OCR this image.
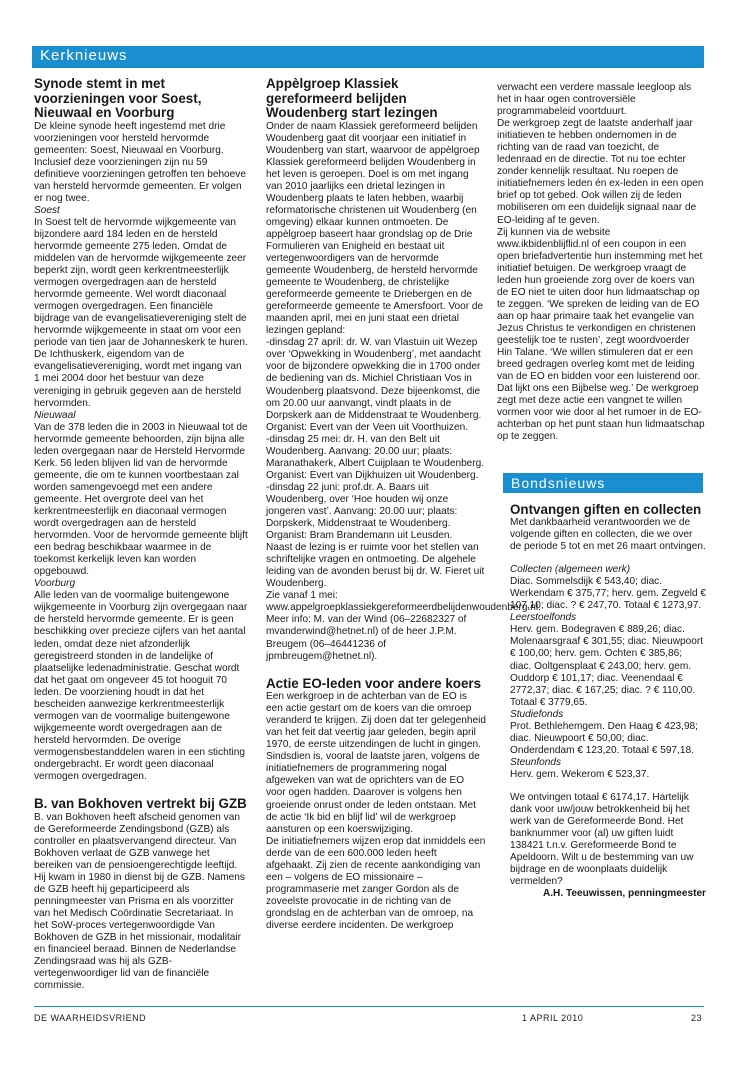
Kerknieuws
Synode stemt in met voorzieningen voor Soest, Nieuwaal en Voorburg

De kleine synode heeft ingestemd met drie voorzieningen voor hersteld hervormde gemeenten: Soest, Nieuwaal en Voorburg. Inclusief deze voorzieningen zijn nu 59 definitieve voorzieningen getroffen ten behoeve van hersteld hervormde gemeenten. Er volgen er nog twee.

Soest

In Soest telt de hervormde wijkgemeente van bijzondere aard 184 leden en de hersteld hervormde gemeente 275 leden. Omdat de middelen van de hervormde wijkgemeente zeer beperkt zijn, wordt geen kerkrentmeesterlijk vermogen overgedragen aan de hersteld hervormde gemeente. Wel wordt diaconaal vermogen overgedragen. Een financiële bijdrage van de evangelisatievereniging stelt de hervormde wijkgemeente in staat om voor een periode van tien jaar de Johanneskerk te huren. De Ichthuskerk, eigendom van de evangelisatievereniging, wordt met ingang van 1 mei 2004 door het bestuur van deze vereniging in gebruik gegeven aan de hersteld hervormden.

Nieuwaal

Van de 378 leden die in 2003 in Nieuwaal tot de hervormde gemeente behoorden, zijn bijna alle leden overgegaan naar de Hersteld Hervormde Kerk. 56 leden blijven lid van de hervormde gemeente, die om te kunnen voortbestaan zal worden samengevoegd met een andere gemeente. Het overgrote deel van het kerkrentmeesterlijk en diaconaal vermogen wordt overgedragen aan de hersteld hervormden. Voor de hervormde gemeente blijft een bedrag beschikbaar waarmee in de toekomst kerkelijk leven kan worden opgebouwd.

Voorburg

Alle leden van de voormalige buitengewone wijkgemeente in Voorburg zijn overgegaan naar de hersteld hervormde gemeente. Er is geen beschikking over precieze cijfers van het aantal leden, omdat deze niet afzonderlijk geregistreerd stonden in de landelijke of plaatselijke ledenadministratie. Geschat wordt dat het gaat om ongeveer 45 tot hooguit 70 leden. De voorziening houdt in dat het bescheiden aanwezige kerkrentmeesterlijk vermogen van de voormalige buitengewone wijkgemeente wordt overgedragen aan de hersteld hervormden. De overige vermogensbestanddelen waren in een stichting ondergebracht. Er wordt geen diaconaal vermogen overgedragen.

B. van Bokhoven vertrekt bij GZB

B. van Bokhoven heeft afscheid genomen van de Gereformeerde Zendingsbond (GZB) als controller en plaatsvervangend directeur. Van Bokhoven verlaat de GZB vanwege het bereiken van de pensioengerechtigde leeftijd. Hij kwam in 1980 in dienst bij de GZB. Namens de GZB heeft hij geparticipeerd als penningmeester van Prisma en als voorzitter van het Medisch Coördinatie Secretariaat. In het SoW-proces vertegenwoordigde Van Bokhoven de GZB in het missionair, modalitair en financieel beraad. Binnen de Nederlandse Zendingsraad was hij als GZB-vertegenwoordiger lid van de financiële commissie.

Appèlgroep Klassiek gereformeerd belijden Woudenberg start lezingen

Onder de naam Klassiek gereformeerd belijden Woudenberg gaat dit voorjaar een initiatief in Woudenberg van start, waarvoor de appèlgroep Klassiek gereformeerd belijden Woudenberg in het leven is geroepen. Doel is om met ingang van 2010 jaarlijks een drietal lezingen in Woudenberg plaats te laten hebben, waarbij reformatorische christenen uit Woudenberg (en omgeving) elkaar kunnen ontmoeten. De appèlgroep baseert haar grondslag op de Drie Formulieren van Enigheid en bestaat uit vertegenwoordigers van de hervormde gemeente Woudenberg, de hersteld hervormde gemeente te Woudenberg, de christelijke gereformeerde gemeente te Driebergen en de gereformeerde gemeente te Amersfoort. Voor de maanden april, mei en juni staat een drietal lezingen gepland:

-dinsdag 27 april: dr. W. van Vlastuin uit Wezep over ‘Opwekking in Woudenberg’, met aandacht voor de bijzondere opwekking die in 1700 onder de bediening van ds. Michiel Christiaan Vos in Woudenberg plaatsvond. Deze bijeenkomst, die om 20.00 uur aanvangt, vindt plaats in de Dorpskerk aan de Middenstraat te Woudenberg. Organist: Evert van der Veen uit Voorthuizen.

-dinsdag 25 mei: dr. H. van den Belt uit Woudenberg. Aanvang: 20.00 uur; plaats: Maranathakerk, Albert Cuijplaan te Woudenberg. Organist: Evert van Dijkhuizen uit Woudenberg.

-dinsdag 22 juni: prof.dr. A. Baars uit Woudenberg, over ‘Hoe houden wij onze jongeren vast’. Aanvang: 20.00 uur; plaats: Dorpskerk, Middenstraat te Woudenberg. Organist: Bram Brandemann uit Leusden.

Naast de lezing is er ruimte voor het stellen van schriftelijke vragen en ontmoeting. De algehele leiding van de avonden berust bij dr. W. Fieret uit Woudenberg.

Zie vanaf 1 mei: www.appelgroepklassiekgereformeerdbelijdenwoudenberg.nl. Meer info: M. van der Wind (06–22682327 of mvanderwind@hetnet.nl) of de heer J.P.M. Breugem (06–46441236 of jpmbreugem@hetnet.nl).

Actie EO-leden voor andere koers

Een werkgroep in de achterban van de EO is een actie gestart om de koers van die omroep veranderd te krijgen. Zij doen dat ter gelegenheid van het feit dat veertig jaar geleden, begin april 1970, de eerste uitzendingen de lucht in gingen. Sindsdien is, vooral de laatste jaren, volgens de initiatiefnemers de programmering nogal afgeweken van wat de oprichters van de EO voor ogen hadden. Daarover is volgens hen groeiende onrust onder de leden ontstaan. Met de actie ‘Ik bid en blijf lid’ wil de werkgroep aansturen op een koerswijziging.

De initiatiefnemers wijzen erop dat inmiddels een derde van de een 600.000 leden heeft afgehaakt. Zij zien de recente aankondiging van een – volgens de EO missionaire – programmaserie met zanger Gordon als de zoveelste provocatie in de richting van de grondslag en de achterban van de omroep, na diverse eerdere incidenten. De werkgroep

verwacht een verdere massale leegloop als het in haar ogen controversiële programmabeleid voortduurt.

De werkgroep zegt de laatste anderhalf jaar initiatieven te hebben ondernomen in de richting van de raad van toezicht, de ledenraad en de directie. Tot nu toe echter zonder kennelijk resultaat. Nu roepen de initiatiefnemers leden én ex-leden in een open brief op tot gebed. Ook willen zij de leden mobiliseren om een duidelijk signaal naar de EO-leiding af te geven.

Zij kunnen via de website www.ikbidenblijflid.nl of een coupon in een open briefadvertentie hun instemming met het initiatief betuigen. De werkgroep vraagt de leden hun groeiende zorg over de koers van de EO niet te uiten door hun lidmaatschap op te zeggen. ‘We spreken de leiding van de EO aan op haar primaire taak het evangelie van Jezus Christus te verkondigen en christenen geestelijk toe te rusten’, zegt woordvoerder Hin Talane. ‘We willen stimuleren dat er een breed gedragen overleg komt met de leiding van de EO en bidden voor een luisterend oor. Dat lijkt ons een Bijbelse weg.’ De werkgroep zegt met deze actie een vangnet te willen vormen voor wie door al het rumoer in de EO-achterban op het punt staan hun lidmaatschap op te zeggen.

Bondsnieuws
Ontvangen giften en collecten

Met dankbaarheid verantwoorden we de volgende giften en collecten, die we over de periode 5 tot en met 26 maart ontvingen.

Collecten (algemeen werk)

Diac. Sommelsdijk € 543,40; diac. Werkendam € 375,77; herv. gem. Zegveld € 107,10; diac. ? € 247,70. Totaal € 1273,97.

Leerstoelfonds

Herv. gem. Bodegraven € 889,26; diac. Molenaarsgraaf € 301,55; diac. Nieuwpoort € 100,00; herv. gem. Ochten € 385,86; diac. Ooltgensplaat € 243,00; herv. gem. Ouddorp € 101,17; diac. Veenendaal € 2772,37; diac. € 167,25; diac. ? € 110,00. Totaal € 3779,65.

Studiefonds

Prot. Bethlehemgem. Den Haag € 423,98; diac. Nieuwpoort € 50,00; diac. Onderdendam € 123,20. Totaal € 597,18.

Steunfonds

Herv. gem. Wekerom € 523,37.

We ontvingen totaal € 6174,17. Hartelijk dank voor uw/jouw betrokkenheid bij het werk van de Gereformeerde Bond. Het banknummer voor (al) uw giften luidt 138421 t.n.v. Gereformeerde Bond te Apeldoorn. Wilt u de bestemming van uw bijdrage en de woonplaats duidelijk vermelden?

A.H. Teeuwissen, penningmeester

DE WAARHEIDSVRIEND	1 APRIL 2010	23
